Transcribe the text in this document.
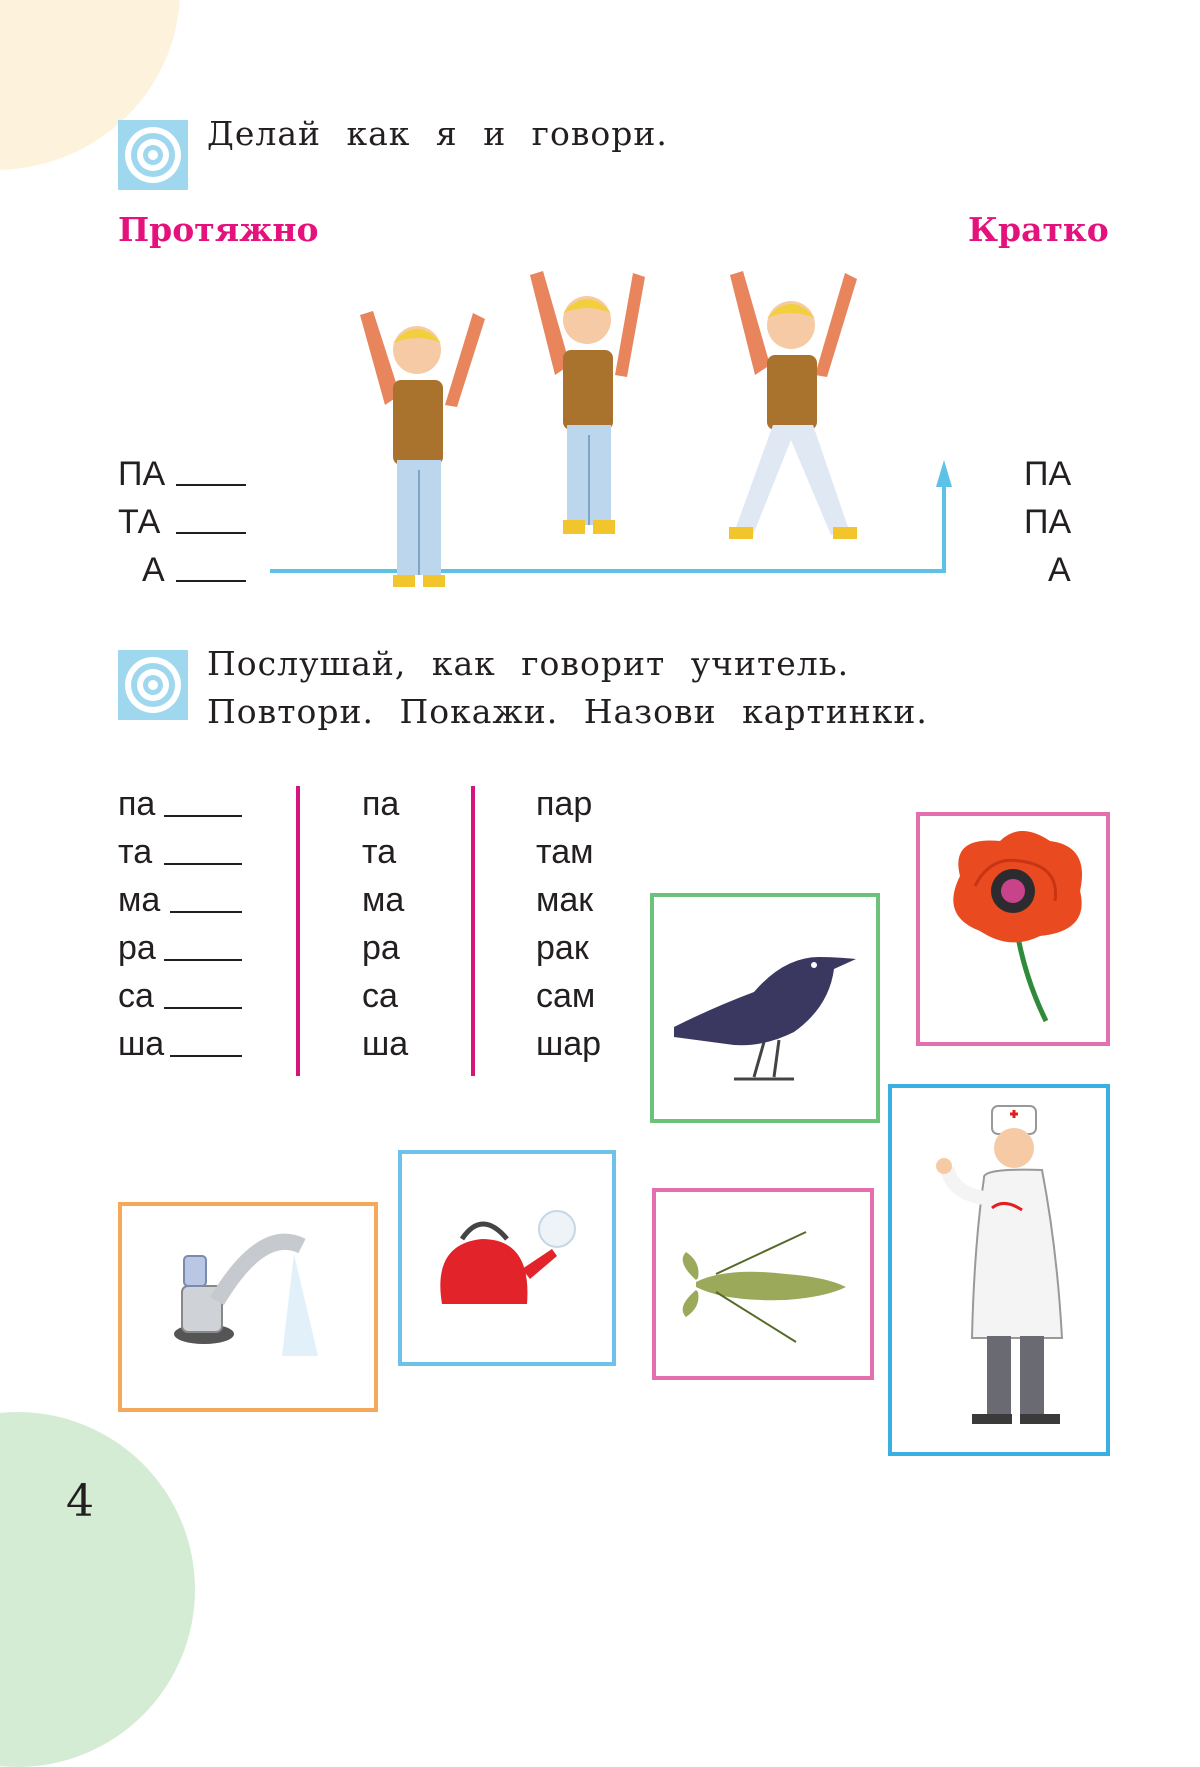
Делай как я и говори.
Протяжно	Кратко
ПА
ТА
А
ПА
ПА
А
Послушай, как говорит учитель.
Повтори. Покажи. Назови картинки.
па
та
ма
ра
са
ша
па
та
ма
ра
са
ша
пар
там
мак
рак
сам
шар
4
